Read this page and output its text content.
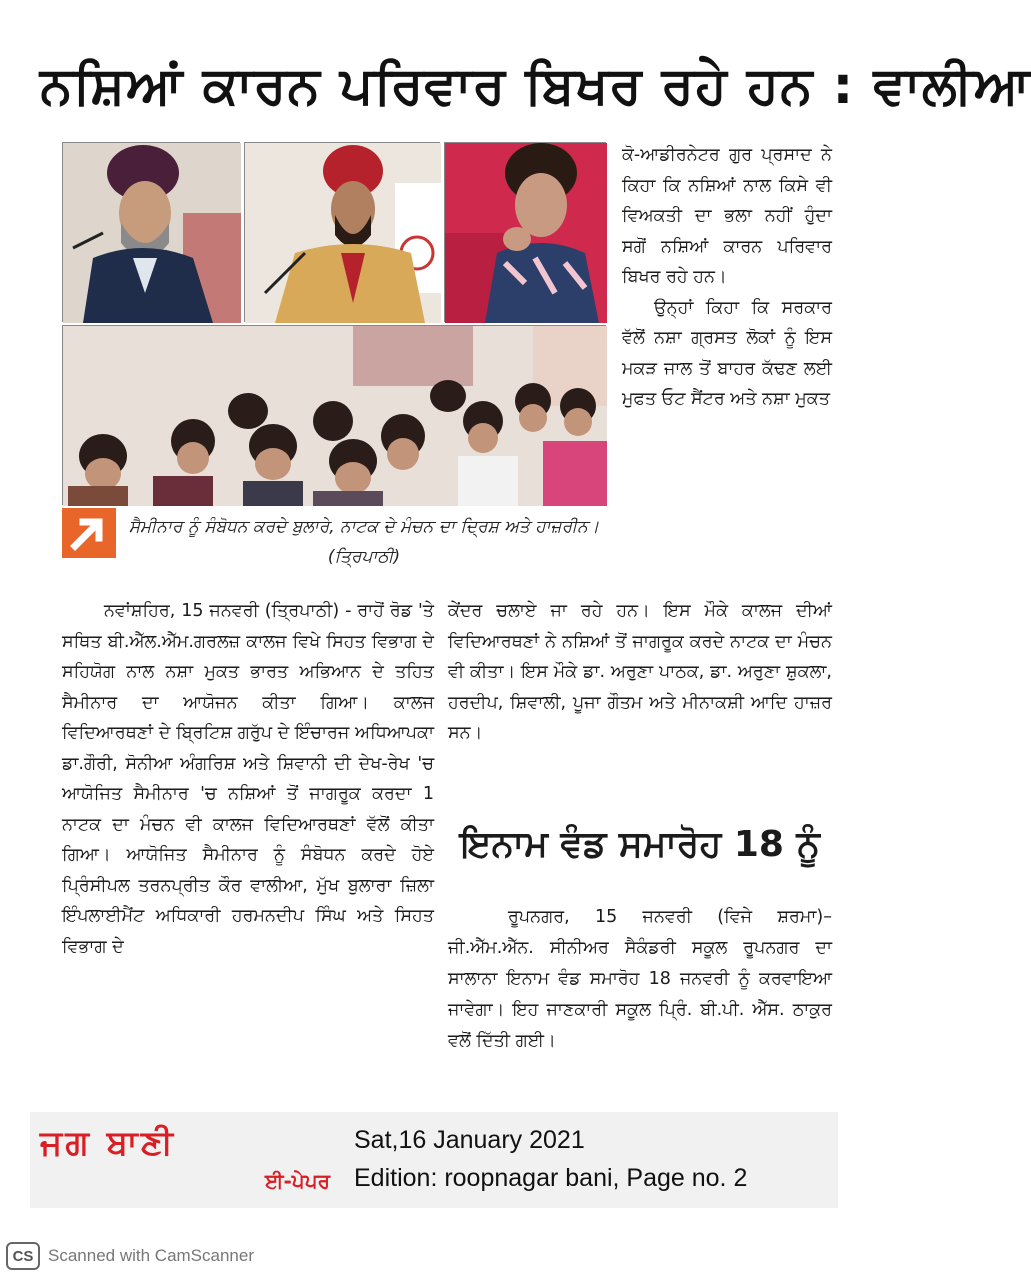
ਨਸ਼ਿਆਂ ਕਾਰਨ ਪਰਿਵਾਰ ਬਿਖਰ ਰਹੇ ਹਨ : ਵਾਲੀਆ
ਸੈਮੀਨਾਰ ਨੂੰ ਸੰਬੋਧਨ ਕਰਦੇ ਬੁਲਾਰੇ, ਨਾਟਕ ਦੇ ਮੰਚਨ ਦਾ ਦ੍ਰਿਸ਼ ਅਤੇ ਹਾਜ਼ਰੀਨ। (ਤ੍ਰਿਪਾਠੀ)

ਕੋ-ਆਡੀਰਨੇਟਰ ਗੁਰ ਪ੍ਰਸਾਦ ਨੇ ਕਿਹਾ ਕਿ ਨਸ਼ਿਆਂ ਨਾਲ ਕਿਸੇ ਵੀ ਵਿਅਕਤੀ ਦਾ ਭਲਾ ਨਹੀਂ ਹੁੰਦਾ ਸਗੋਂ ਨਸ਼ਿਆਂ ਕਾਰਨ ਪਰਿਵਾਰ ਬਿਖਰ ਰਹੇ ਹਨ।

ਉਨ੍ਹਾਂ ਕਿਹਾ ਕਿ ਸਰਕਾਰ ਵੱਲੋਂ ਨਸ਼ਾ ਗ੍ਰਸਤ ਲੋਕਾਂ ਨੂੰ ਇਸ ਮਕੜ ਜਾਲ ਤੋਂ ਬਾਹਰ ਕੱਢਣ ਲਈ ਮੁਫਤ ਓਟ ਸੈਂਟਰ ਅਤੇ ਨਸ਼ਾ ਮੁਕਤ

ਕੇਂਦਰ ਚਲਾਏ ਜਾ ਰਹੇ ਹਨ। ਇਸ ਮੌਕੇ ਕਾਲਜ ਦੀਆਂ ਵਿਦਿਆਰਥਣਾਂ ਨੇ ਨਸ਼ਿਆਂ ਤੋਂ ਜਾਗਰੂਕ ਕਰਦੇ ਨਾਟਕ ਦਾ ਮੰਚਨ ਵੀ ਕੀਤਾ। ਇਸ ਮੌਕੇ ਡਾ. ਅਰੁਣਾ ਪਾਠਕ, ਡਾ. ਅਰੁਣਾ ਸ਼ੁਕਲਾ, ਹਰਦੀਪ, ਸ਼ਿਵਾਲੀ, ਪੂਜਾ ਗੌਤਮ ਅਤੇ ਮੀਨਾਕਸ਼ੀ ਆਦਿ ਹਾਜ਼ਰ ਸਨ।

ਨਵਾਂਸ਼ਹਿਰ, 15 ਜਨਵਰੀ (ਤ੍ਰਿਪਾਠੀ) - ਰਾਹੋਂ ਰੋਡ 'ਤੇ ਸਥਿਤ ਬੀ.ਐੱਲ.ਐੱਮ.ਗਰਲਜ਼ ਕਾਲਜ ਵਿਖੇ ਸਿਹਤ ਵਿਭਾਗ ਦੇ ਸਹਿਯੋਗ ਨਾਲ ਨਸ਼ਾ ਮੁਕਤ ਭਾਰਤ ਅਭਿਆਨ ਦੇ ਤਹਿਤ ਸੈਮੀਨਾਰ ਦਾ ਆਯੋਜਨ ਕੀਤਾ ਗਿਆ। ਕਾਲਜ ਵਿਦਿਆਰਥਣਾਂ ਦੇ ਬ੍ਰਿਟਿਸ਼ ਗਰੁੱਪ ਦੇ ਇੰਚਾਰਜ ਅਧਿਆਪਕਾ ਡਾ.ਗੌਰੀ, ਸੋਨੀਆ ਅੰਗਰਿਸ਼ ਅਤੇ ਸ਼ਿਵਾਨੀ ਦੀ ਦੇਖ-ਰੇਖ 'ਚ ਆਯੋਜਿਤ ਸੈਮੀਨਾਰ 'ਚ ਨਸ਼ਿਆਂ ਤੋਂ ਜਾਗਰੂਕ ਕਰਦਾ 1 ਨਾਟਕ ਦਾ ਮੰਚਨ ਵੀ ਕਾਲਜ ਵਿਦਿਆਰਥਣਾਂ ਵੱਲੋਂ ਕੀਤਾ ਗਿਆ। ਆਯੋਜਿਤ ਸੈਮੀਨਾਰ ਨੂੰ ਸੰਬੋਧਨ ਕਰਦੇ ਹੋਏ ਪ੍ਰਿੰਸੀਪਲ ਤਰਨਪ੍ਰੀਤ ਕੌਰ ਵਾਲੀਆ, ਮੁੱਖ ਬੁਲਾਰਾ ਜ਼ਿਲਾ ਇੰਪਲਾਈਮੈਂਟ ਅਧਿਕਾਰੀ ਹਰਮਨਦੀਪ ਸਿੰਘ ਅਤੇ ਸਿਹਤ ਵਿਭਾਗ ਦੇ

ਇਨਾਮ ਵੰਡ ਸਮਾਰੋਹ 18 ਨੂੰ

ਰੂਪਨਗਰ, 15 ਜਨਵਰੀ (ਵਿਜੇ ਸ਼ਰਮਾ)–ਜੀ.ਐੱਮ.ਐੱਨ. ਸੀਨੀਅਰ ਸੈਕੰਡਰੀ ਸਕੂਲ ਰੂਪਨਗਰ ਦਾ ਸਾਲਾਨਾ ਇਨਾਮ ਵੰਡ ਸਮਾਰੋਹ 18 ਜਨਵਰੀ ਨੂੰ ਕਰਵਾਇਆ ਜਾਵੇਗਾ। ਇਹ ਜਾਣਕਾਰੀ ਸਕੂਲ ਪ੍ਰਿੰ. ਬੀ.ਪੀ. ਐੱਸ. ਠਾਕੁਰ ਵਲੋਂ ਦਿੱਤੀ ਗਈ।

ਜਗ ਬਾਣੀ
ਈ-ਪੇਪਰ
Sat,16 January 2021
Edition: roopnagar bani, Page no. 2
CS Scanned with CamScanner
